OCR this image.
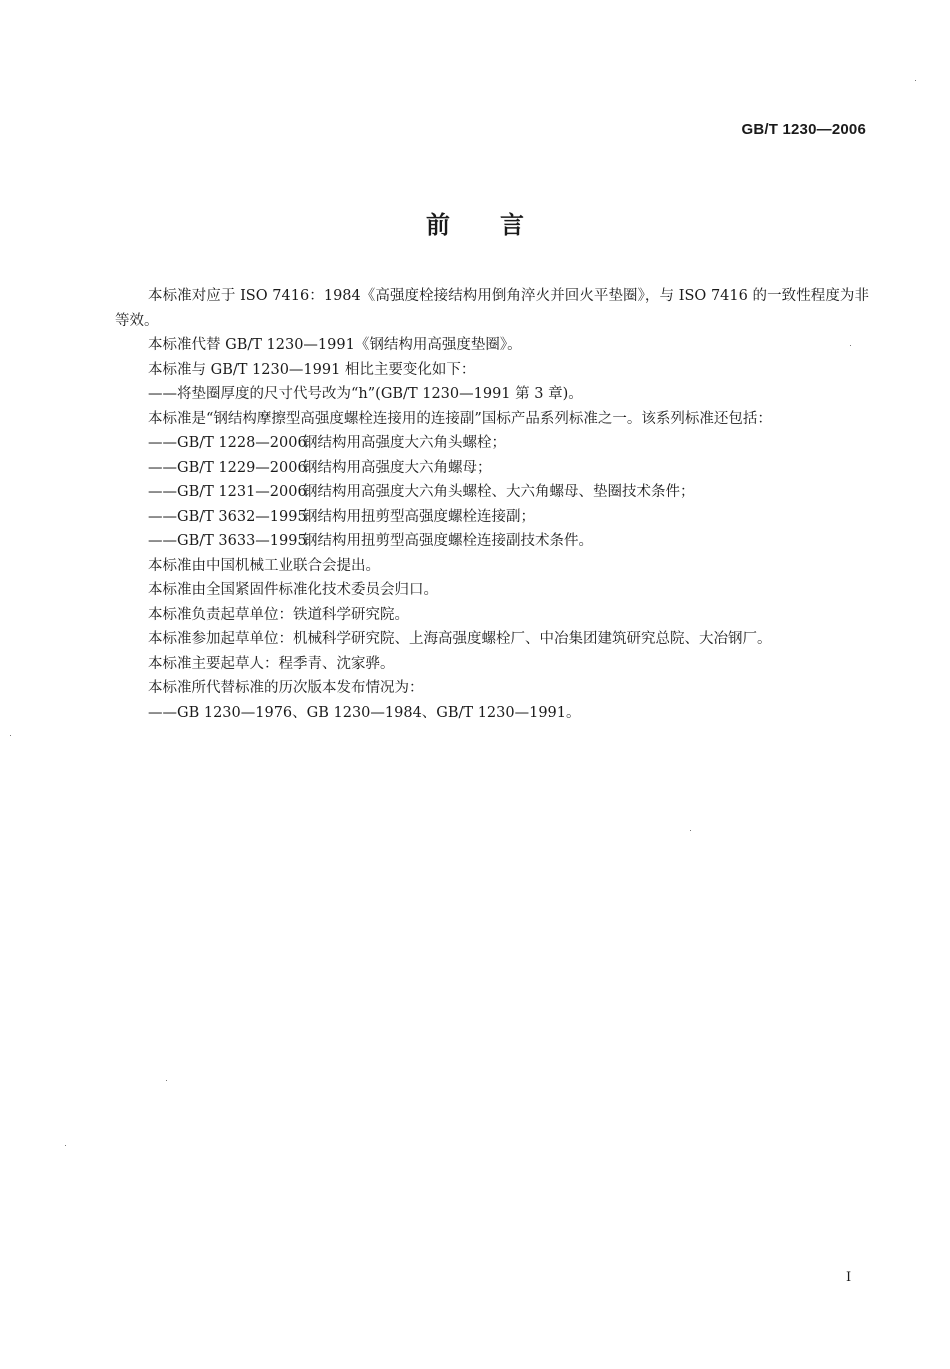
GB/T 1230—2006
前言

本标准对应于 ISO 7416：1984《高强度栓接结构用倒角淬火并回火平垫圈》，与 ISO 7416 的一致性程度为非等效。

本标准代替 GB/T 1230—1991《钢结构用高强度垫圈》。

本标准与 GB/T 1230—1991 相比主要变化如下：

——将垫圈厚度的尺寸代号改为“h”(GB/T 1230—1991 第 3 章)。

本标准是“钢结构摩擦型高强度螺栓连接用的连接副”国标产品系列标准之一。该系列标准还包括：

——GB/T 1228—2006钢结构用高强度大六角头螺栓；

——GB/T 1229—2006钢结构用高强度大六角螺母；

——GB/T 1231—2006钢结构用高强度大六角头螺栓、大六角螺母、垫圈技术条件；

——GB/T 3632—1995钢结构用扭剪型高强度螺栓连接副；

——GB/T 3633—1995钢结构用扭剪型高强度螺栓连接副技术条件。

本标准由中国机械工业联合会提出。

本标准由全国紧固件标准化技术委员会归口。

本标准负责起草单位：铁道科学研究院。

本标准参加起草单位：机械科学研究院、上海高强度螺栓厂、中冶集团建筑研究总院、大冶钢厂。

本标准主要起草人：程季青、沈家骅。

本标准所代替标准的历次版本发布情况为：

——GB 1230—1976、GB 1230—1984、GB/T 1230—1991。

I
